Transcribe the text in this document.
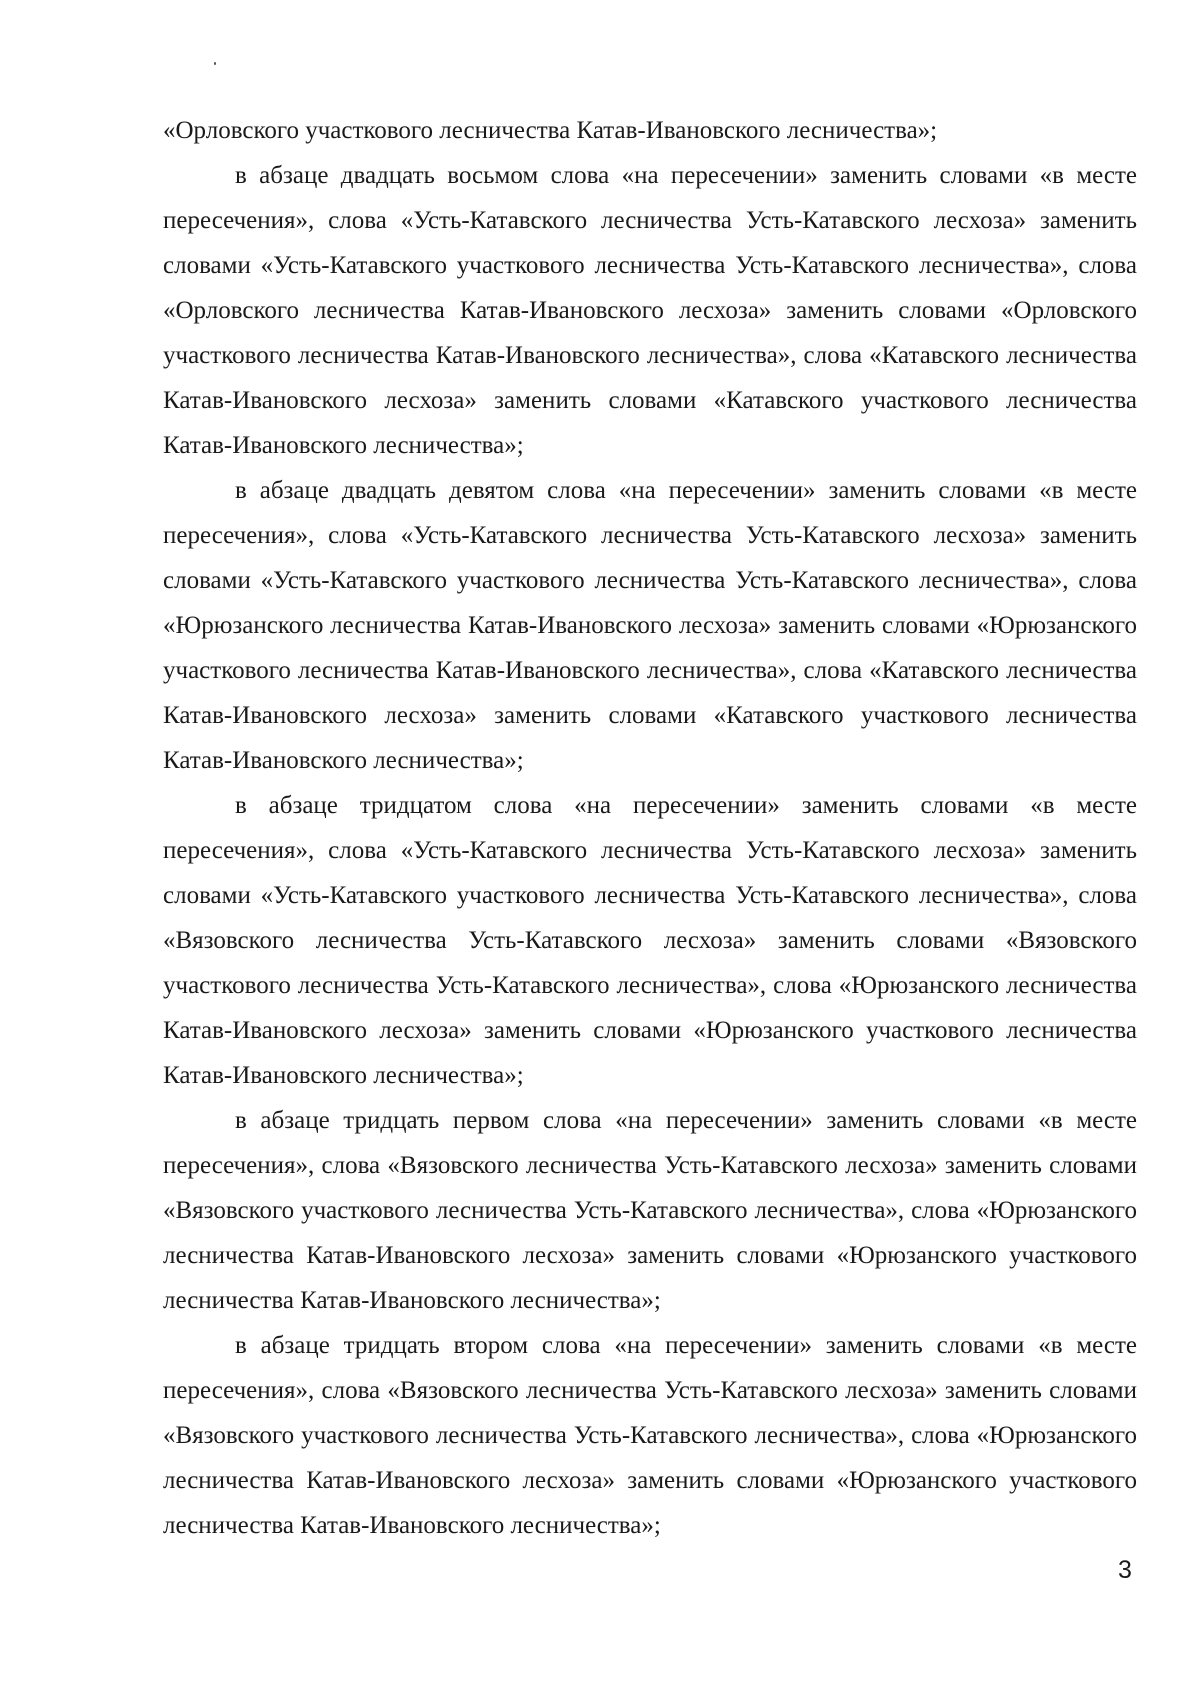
«Орловского участкового лесничества Катав-Ивановского лесничества»;

в абзаце двадцать восьмом слова «на пересечении» заменить словами «в месте пересечения», слова «Усть-Катавского лесничества Усть-Катавского лесхоза» заменить словами «Усть-Катавского участкового лесничества Усть-Катавского лесничества», слова «Орловского лесничества Катав-Ивановского лесхоза» заменить словами «Орловского участкового лесничества Катав-Ивановского лесничества», слова «Катавского лесничества Катав-Ивановского лесхоза» заменить словами «Катавского участкового лесничества Катав-Ивановского лесничества»;

в абзаце двадцать девятом слова «на пересечении» заменить словами «в месте пересечения», слова «Усть-Катавского лесничества Усть-Катавского лесхоза» заменить словами «Усть-Катавского участкового лесничества Усть-Катавского лесничества», слова «Юрюзанского лесничества Катав-Ивановского лесхоза» заменить словами «Юрюзанского участкового лесничества Катав-Ивановского лесничества», слова «Катавского лесничества Катав-Ивановского лесхоза» заменить словами «Катавского участкового лесничества Катав-Ивановского лесничества»;

в абзаце тридцатом слова «на пересечении» заменить словами «в месте пересечения», слова «Усть-Катавского лесничества Усть-Катавского лесхоза» заменить словами «Усть-Катавского участкового лесничества Усть-Катавского лесничества», слова «Вязовского лесничества Усть-Катавского лесхоза» заменить словами «Вязовского участкового лесничества Усть-Катавского лесничества», слова «Юрюзанского лесничества Катав-Ивановского лесхоза» заменить словами «Юрюзанского участкового лесничества Катав-Ивановского лесничества»;

в абзаце тридцать первом слова «на пересечении» заменить словами «в месте пересечения», слова «Вязовского лесничества Усть-Катавского лесхоза» заменить словами «Вязовского участкового лесничества Усть-Катавского лесничества», слова «Юрюзанского лесничества Катав-Ивановского лесхоза» заменить словами «Юрюзанского участкового лесничества Катав-Ивановского лесничества»;

в абзаце тридцать втором слова «на пересечении» заменить словами «в месте пересечения», слова «Вязовского лесничества Усть-Катавского лесхоза» заменить словами «Вязовского участкового лесничества Усть-Катавского лесничества», слова «Юрюзанского лесничества Катав-Ивановского лесхоза» заменить словами «Юрюзанского участкового лесничества Катав-Ивановского лесничества»;

3
